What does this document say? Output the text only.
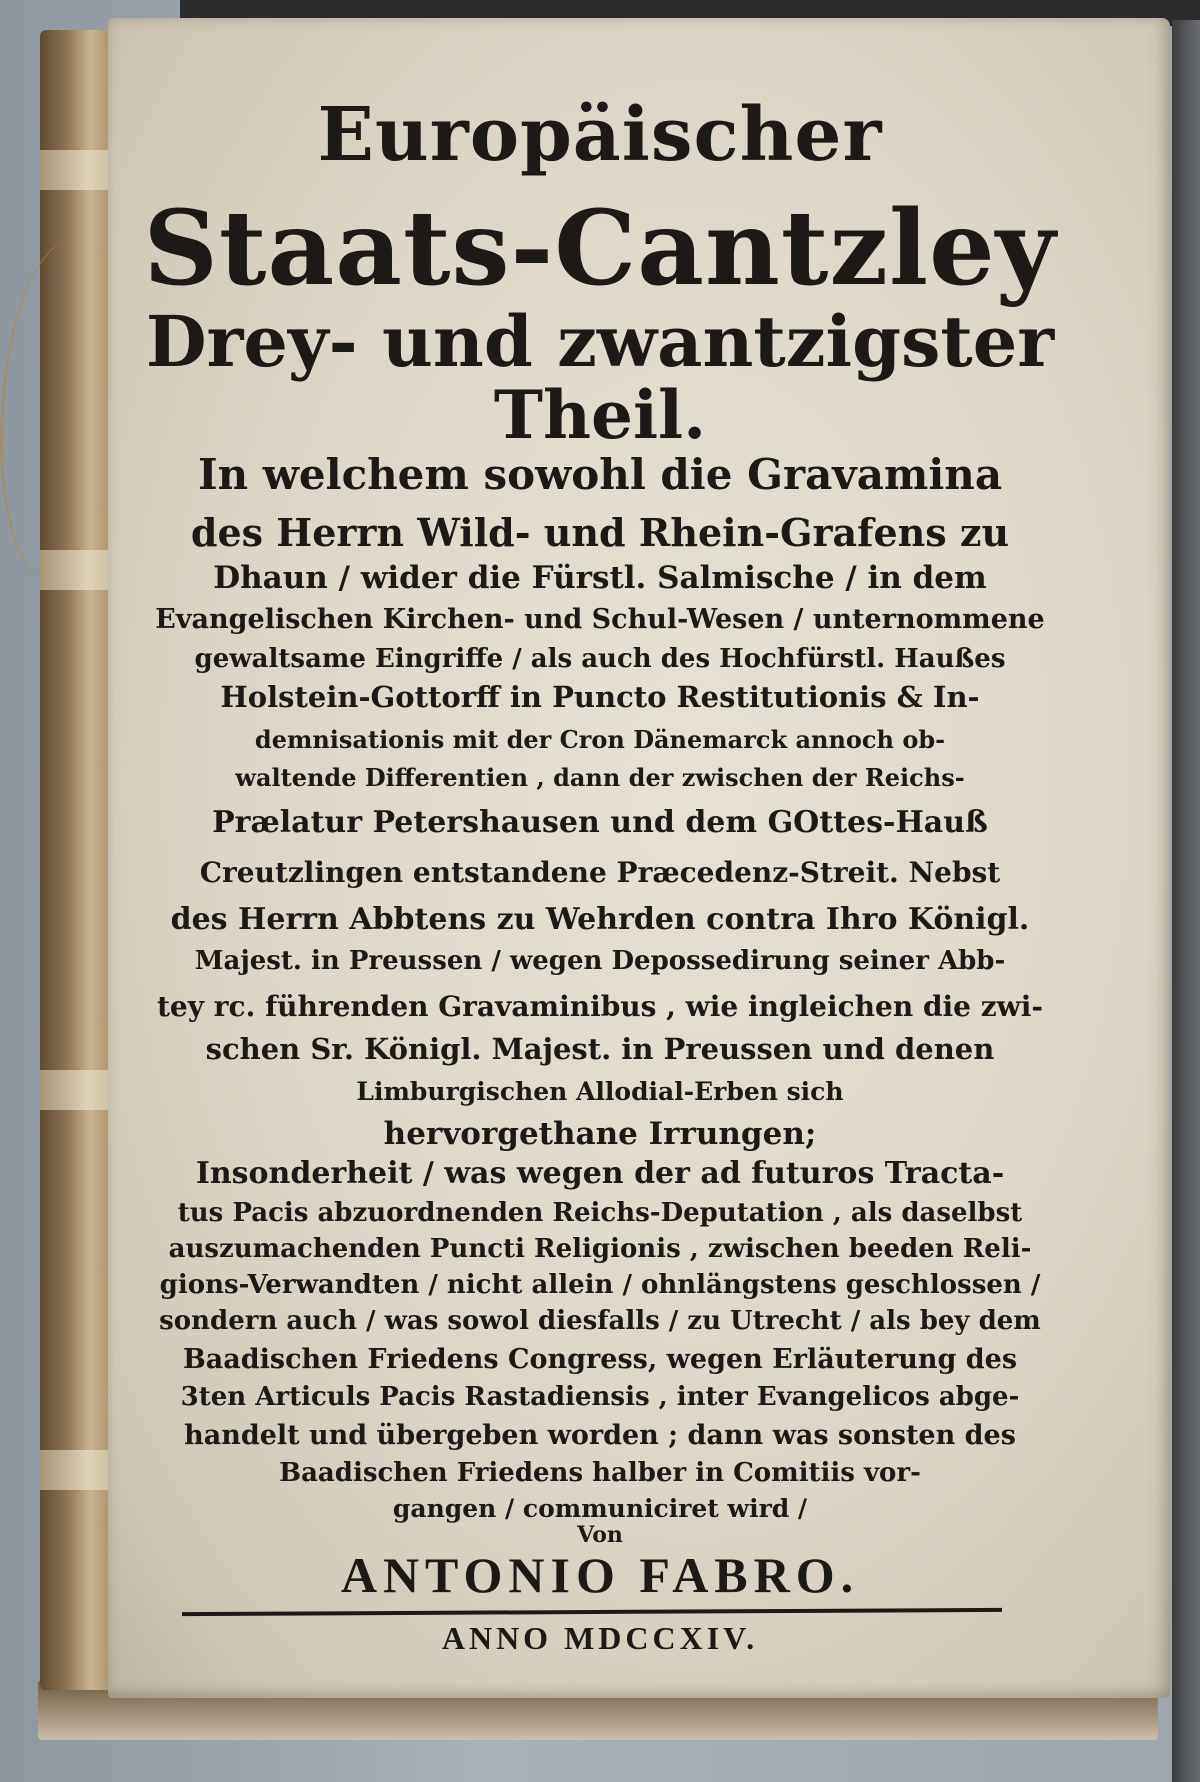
Europäischer
Staats-Cantzley
Drey- und zwantzigster
Theil.
In welchem sowohl die Gravamina
des Herrn Wild- und Rhein-Grafens zu
Dhaun / wider die Fürstl. Salmische / in dem
Evangelischen Kirchen- und Schul-Wesen / unternommene
gewaltsame Eingriffe / als auch des Hochfürstl. Haußes
Holstein-Gottorff in Puncto Restitutionis & In-
demnisationis mit der Cron Dänemarck annoch ob-
waltende Differentien , dann der zwischen der Reichs-
Prælatur Petershausen und dem GOttes-Hauß
Creutzlingen entstandene Præcedenz-Streit. Nebst
des Herrn Abbtens zu Wehrden contra Ihro Königl.
Majest. in Preussen / wegen Depossedirung seiner Abb-
tey rc. führenden Gravaminibus , wie ingleichen die zwi-
schen Sr. Königl. Majest. in Preussen und denen
Limburgischen Allodial-Erben sich
hervorgethane Irrungen;
Insonderheit / was wegen der ad futuros Tracta-
tus Pacis abzuordnenden Reichs-Deputation , als daselbst
auszumachenden Puncti Religionis , zwischen beeden Reli-
gions-Verwandten / nicht allein / ohnlängstens geschlossen /
sondern auch / was sowol diesfalls / zu Utrecht / als bey dem
Baadischen Friedens Congress, wegen Erläuterung des
3ten Articuls Pacis Rastadiensis , inter Evangelicos abge-
handelt und übergeben worden ; dann was sonsten des
Baadischen Friedens halber in Comitiis vor-
gangen / communiciret wird /
Von
ANTONIO FABRO.
ANNO MDCCXIV.
